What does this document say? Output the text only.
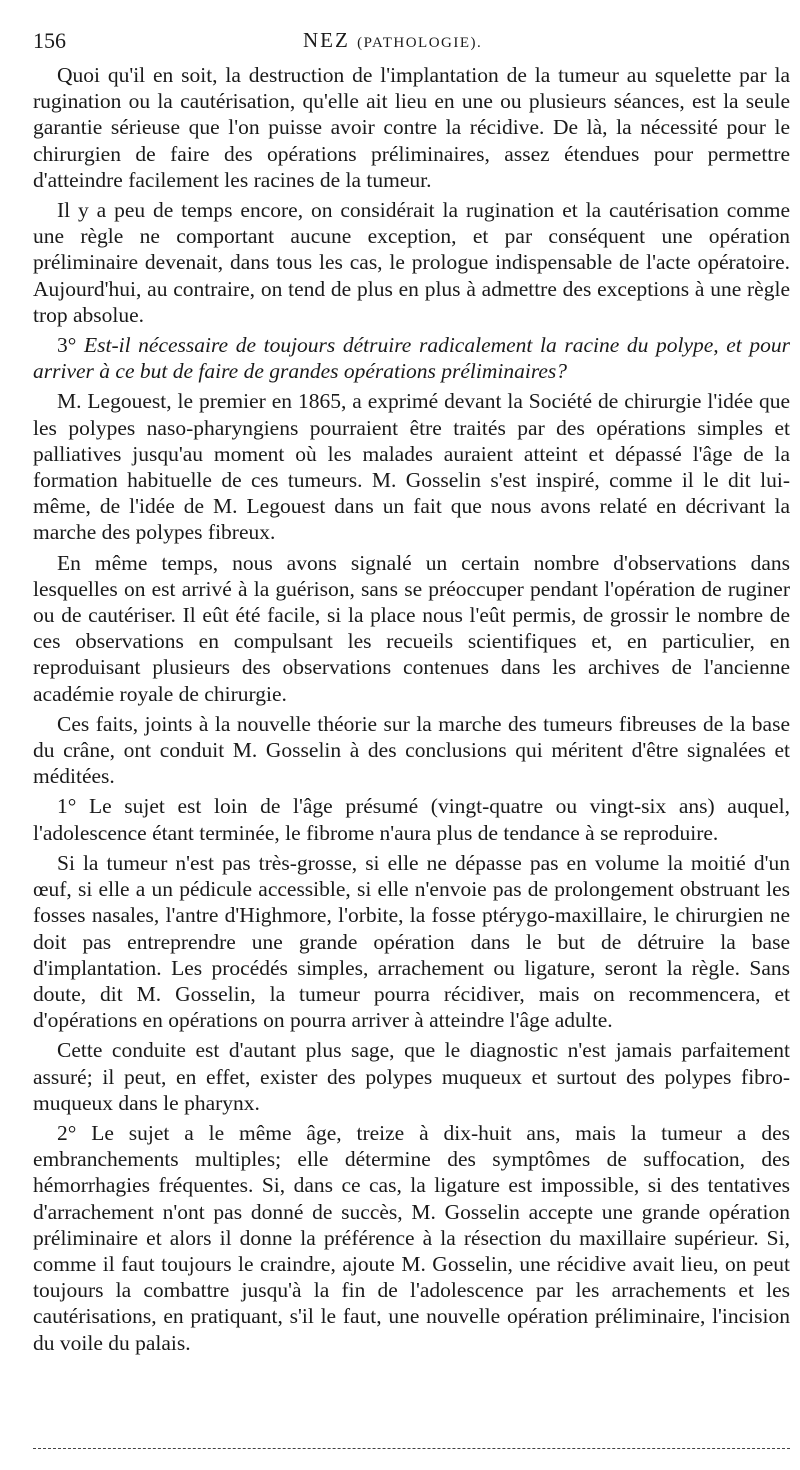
156	NEZ (PATHOLOGIE).

Quoi qu'il en soit, la destruction de l'implantation de la tumeur au squelette par la rugination ou la cautérisation, qu'elle ait lieu en une ou plusieurs séances, est la seule garantie sérieuse que l'on puisse avoir contre la récidive. De là, la nécessité pour le chirurgien de faire des opérations préliminaires, assez étendues pour permettre d'atteindre facilement les racines de la tumeur.

Il y a peu de temps encore, on considérait la rugination et la cautérisation comme une règle ne comportant aucune exception, et par conséquent une opération préliminaire devenait, dans tous les cas, le prologue indispensable de l'acte opératoire. Aujourd'hui, au contraire, on tend de plus en plus à admettre des exceptions à une règle trop absolue.

3° Est-il nécessaire de toujours détruire radicalement la racine du polype, et pour arriver à ce but de faire de grandes opérations préliminaires?

M. Legouest, le premier en 1865, a exprimé devant la Société de chirurgie l'idée que les polypes naso-pharyngiens pourraient être traités par des opérations simples et palliatives jusqu'au moment où les malades auraient atteint et dépassé l'âge de la formation habituelle de ces tumeurs. M. Gosselin s'est inspiré, comme il le dit lui-même, de l'idée de M. Legouest dans un fait que nous avons relaté en décrivant la marche des polypes fibreux.

En même temps, nous avons signalé un certain nombre d'observations dans lesquelles on est arrivé à la guérison, sans se préoccuper pendant l'opération de ruginer ou de cautériser. Il eût été facile, si la place nous l'eût permis, de grossir le nombre de ces observations en compulsant les recueils scientifiques et, en particulier, en reproduisant plusieurs des observations contenues dans les archives de l'ancienne académie royale de chirurgie.

Ces faits, joints à la nouvelle théorie sur la marche des tumeurs fibreuses de la base du crâne, ont conduit M. Gosselin à des conclusions qui méritent d'être signalées et méditées.

1° Le sujet est loin de l'âge présumé (vingt-quatre ou vingt-six ans) auquel, l'adolescence étant terminée, le fibrome n'aura plus de tendance à se reproduire.

Si la tumeur n'est pas très-grosse, si elle ne dépasse pas en volume la moitié d'un œuf, si elle a un pédicule accessible, si elle n'envoie pas de prolongement obstruant les fosses nasales, l'antre d'Highmore, l'orbite, la fosse ptérygo-maxillaire, le chirurgien ne doit pas entreprendre une grande opération dans le but de détruire la base d'implantation. Les procédés simples, arrachement ou ligature, seront la règle. Sans doute, dit M. Gosselin, la tumeur pourra récidiver, mais on recommencera, et d'opérations en opérations on pourra arriver à atteindre l'âge adulte.

Cette conduite est d'autant plus sage, que le diagnostic n'est jamais parfaitement assuré; il peut, en effet, exister des polypes muqueux et surtout des polypes fibro-muqueux dans le pharynx.

2° Le sujet a le même âge, treize à dix-huit ans, mais la tumeur a des embranchements multiples; elle détermine des symptômes de suffocation, des hémorrhagies fréquentes. Si, dans ce cas, la ligature est impossible, si des tentatives d'arrachement n'ont pas donné de succès, M. Gosselin accepte une grande opération préliminaire et alors il donne la préférence à la résection du maxillaire supérieur. Si, comme il faut toujours le craindre, ajoute M. Gosselin, une récidive avait lieu, on peut toujours la combattre jusqu'à la fin de l'adolescence par les arrachements et les cautérisations, en pratiquant, s'il le faut, une nouvelle opération préliminaire, l'incision du voile du palais.
